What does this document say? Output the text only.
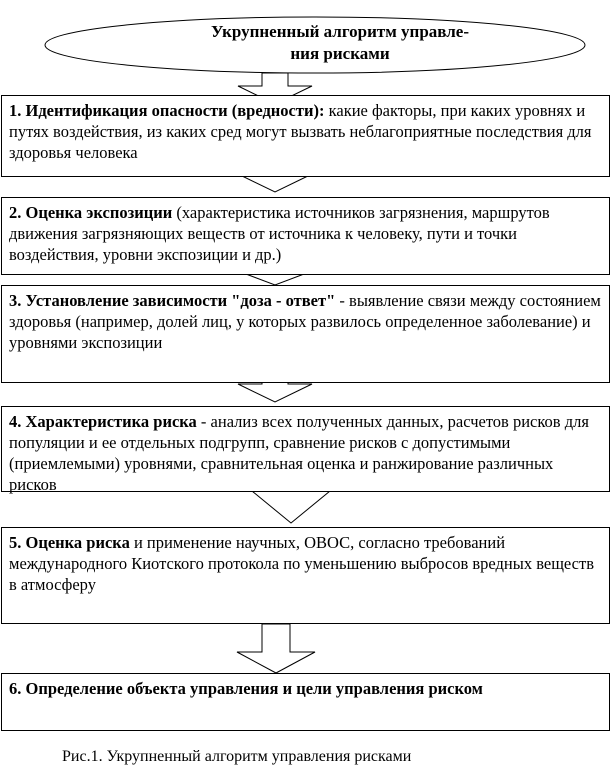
Укрупненный алгоритм управле-
ния рисками
1. Идентификация опасности (вредности): какие факторы, при каких уровнях и путях воздействия, из каких сред могут вызвать неблагоприятные последствия для здоровья человека
2. Оценка экспозиции (характеристика источников загрязнения, маршрутов движения загрязняющих веществ от источника к человеку, пути и точки воздействия, уровни экспозиции и др.)
3. Установление зависимости "доза - ответ" - выявление связи между состоянием здоровья (например, долей лиц, у которых развилось определенное заболевание) и уровнями экспозиции
4. Характеристика риска - анализ всех полученных данных, расчетов рисков для популяции и ее отдельных подгрупп, сравнение рисков с допустимыми (приемлемыми) уровнями, сравнительная оценка и ранжирование различных рисков
5. Оценка риска и применение научных, ОВОС, согласно требований международного Киотского протокола по уменьшению выбросов вредных веществ в атмосферу
6. Определение объекта управления и цели управления риском
Рис.1. Укрупненный алгоритм управления рисками
